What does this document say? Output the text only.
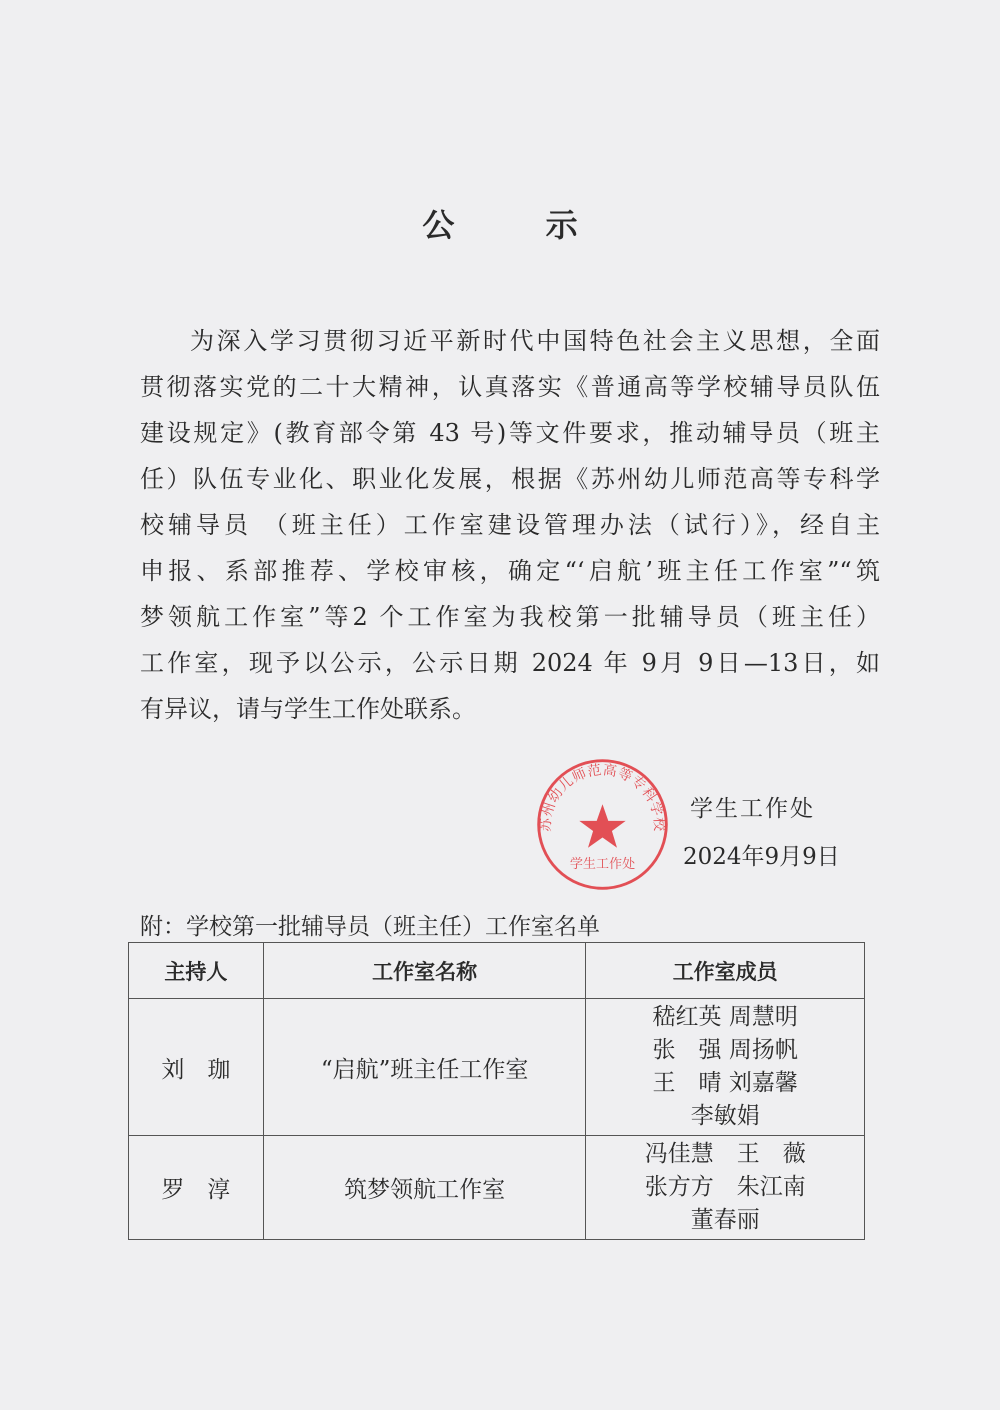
公 示
为深入学习贯彻习近平新时代中国特色社会主义思想，全面
贯彻落实党的二十大精神，认真落实《普通高等学校辅导员队伍
建设规定》(教育部令第 43 号)等文件要求，推动辅导员（班主
任）队伍专业化、职业化发展，根据《苏州幼儿师范高等专科学
校辅导员 （班主任）工作室建设管理办法（试行）》，经自主
申报、系部推荐、学校审核，确定“‘启航’班主任工作室”“筑
梦领航工作室”等2 个工作室为我校第一批辅导员（班主任）
工作室，现予以公示，公示日期 2024 年 9月 9日—13日，如
有异议，请与学生工作处联系。
学生工作处
2024年9月9日
苏州幼儿师范高等专科学校
学生工作处
附：学校第一批辅导员（班主任）工作室名单
主持人	工作室名称	工作室成员
刘　珈	“启航”班主任工作室	嵇红英 周慧明
张　强 周扬帆
王　晴 刘嘉馨
李敏娟

罗　淳	筑梦领航工作室	冯佳慧　王　薇
张方方　朱江南
董春丽
